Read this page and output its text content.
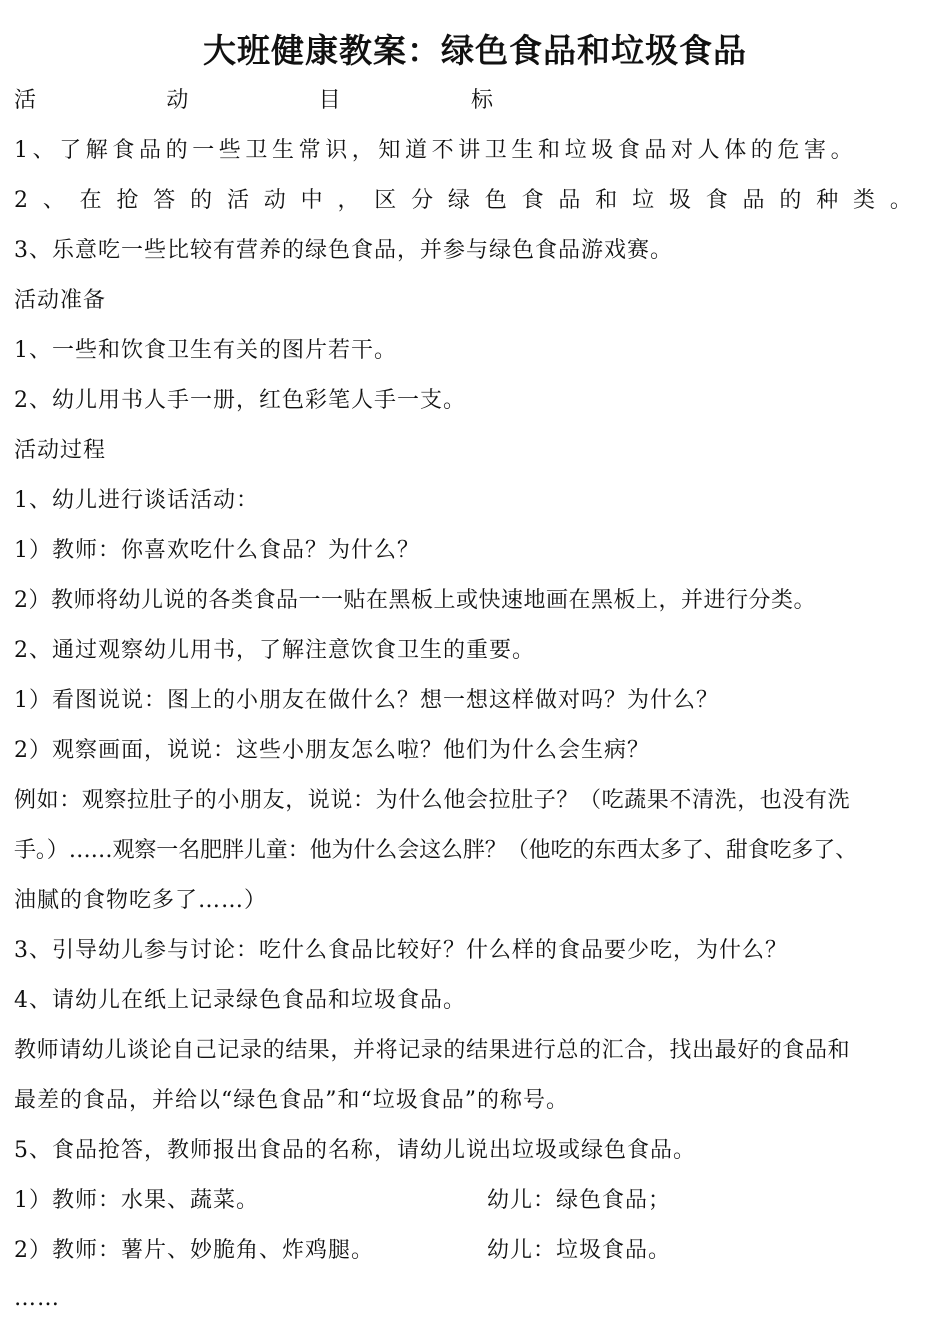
大班健康教案：绿色食品和垃圾食品
活	动	目	标
1、了解食品的一些卫生常识，知道不讲卫生和垃圾食品对人体的危害。
2 、 在 抢 答 的 活 动 中 ， 区 分 绿 色 食 品 和 垃 圾 食 品 的 种 类 。
3、乐意吃一些比较有营养的绿色食品，并参与绿色食品游戏赛。
活动准备
1、一些和饮食卫生有关的图片若干。
2、幼儿用书人手一册，红色彩笔人手一支。
活动过程
1、幼儿进行谈话活动：
1）教师：你喜欢吃什么食品？为什么？
2）教师将幼儿说的各类食品一一贴在黑板上或快速地画在黑板上，并进行分类。
2、通过观察幼儿用书，了解注意饮食卫生的重要。
1）看图说说：图上的小朋友在做什么？想一想这样做对吗？为什么？
2）观察画面，说说：这些小朋友怎么啦？他们为什么会生病？
例如：观察拉肚子的小朋友，说说：为什么他会拉肚子？（吃蔬果不清洗，也没有洗
手。）……观察一名肥胖儿童：他为什么会这么胖？（他吃的东西太多了、甜食吃多了、
油腻的食物吃多了……）
3、引导幼儿参与讨论：吃什么食品比较好？什么样的食品要少吃，为什么？
4、请幼儿在纸上记录绿色食品和垃圾食品。
教师请幼儿谈论自己记录的结果，并将记录的结果进行总的汇合，找出最好的食品和
最差的食品，并给以“绿色食品”和“垃圾食品”的称号。
5、食品抢答，教师报出食品的名称，请幼儿说出垃圾或绿色食品。
1）教师：水果、蔬菜。	幼儿：绿色食品；
2）教师：薯片、妙脆角、炸鸡腿。	幼儿：垃圾食品。
……
